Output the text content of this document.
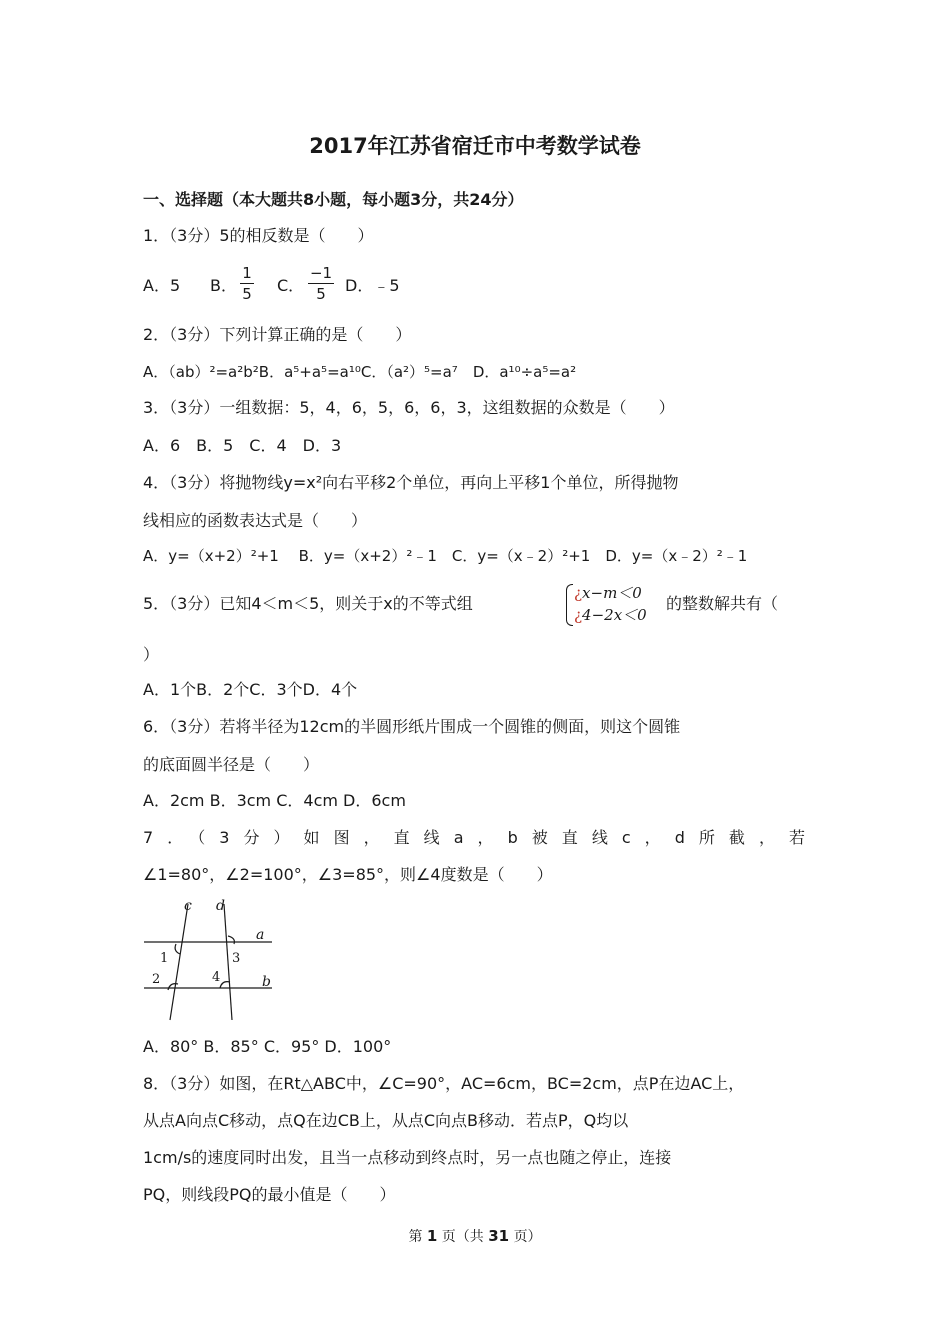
2017年江苏省宿迁市中考数学试卷
一、选择题（本大题共8小题，每小题3分，共24分）
1．（3分）5的相反数是（　　）
A．5 B．
1
5 C．
−1
5	D．﹣5
2．（3分）下列计算正确的是（　　）
A．（ab）²=a²b²B．a⁵+a⁵=a¹⁰C．（a²）⁵=a⁷　D．a¹⁰÷a⁵=a²
3．（3分）一组数据：5，4，6，5，6，6，3，这组数据的众数是（　　）
A．6　B．5　C．4　D．3
4．（3分）将抛物线y=x²向右平移2个单位，再向上平移1个单位，所得抛物
线相应的函数表达式是（　　）
A．y=（x+2）²+1　 B．y=（x+2）²﹣1　C．y=（x﹣2）²+1　D．y=（x﹣2）²﹣1
5．（3分）已知4＜m＜5，则关于x的不等式组
¿x−m＜0
¿4−2x＜0
的整数解共有（
）
A．1个B．2个C．3个D．4个
6．（3分）若将半径为12cm的半圆形纸片围成一个圆锥的侧面，则这个圆锥
的底面圆半径是（　　）
A．2cm B．3cm C．4cm D．6cm
7．（3分）如图，直线a，b被直线c，d所截，若
∠1=80°，∠2=100°，∠3=85°，则∠4度数是（　　）
c d
a
b
1
2
3
4
A．80° B．85° C．95° D．100°
8．（3分）如图，在Rt△ABC中，∠C=90°，AC=6cm，BC=2cm，点P在边AC上，
从点A向点C移动，点Q在边CB上，从点C向点B移动．若点P，Q均以
1cm/s的速度同时出发，且当一点移动到终点时，另一点也随之停止，连接
PQ，则线段PQ的最小值是（　　）
第 1 页（共 31 页）
